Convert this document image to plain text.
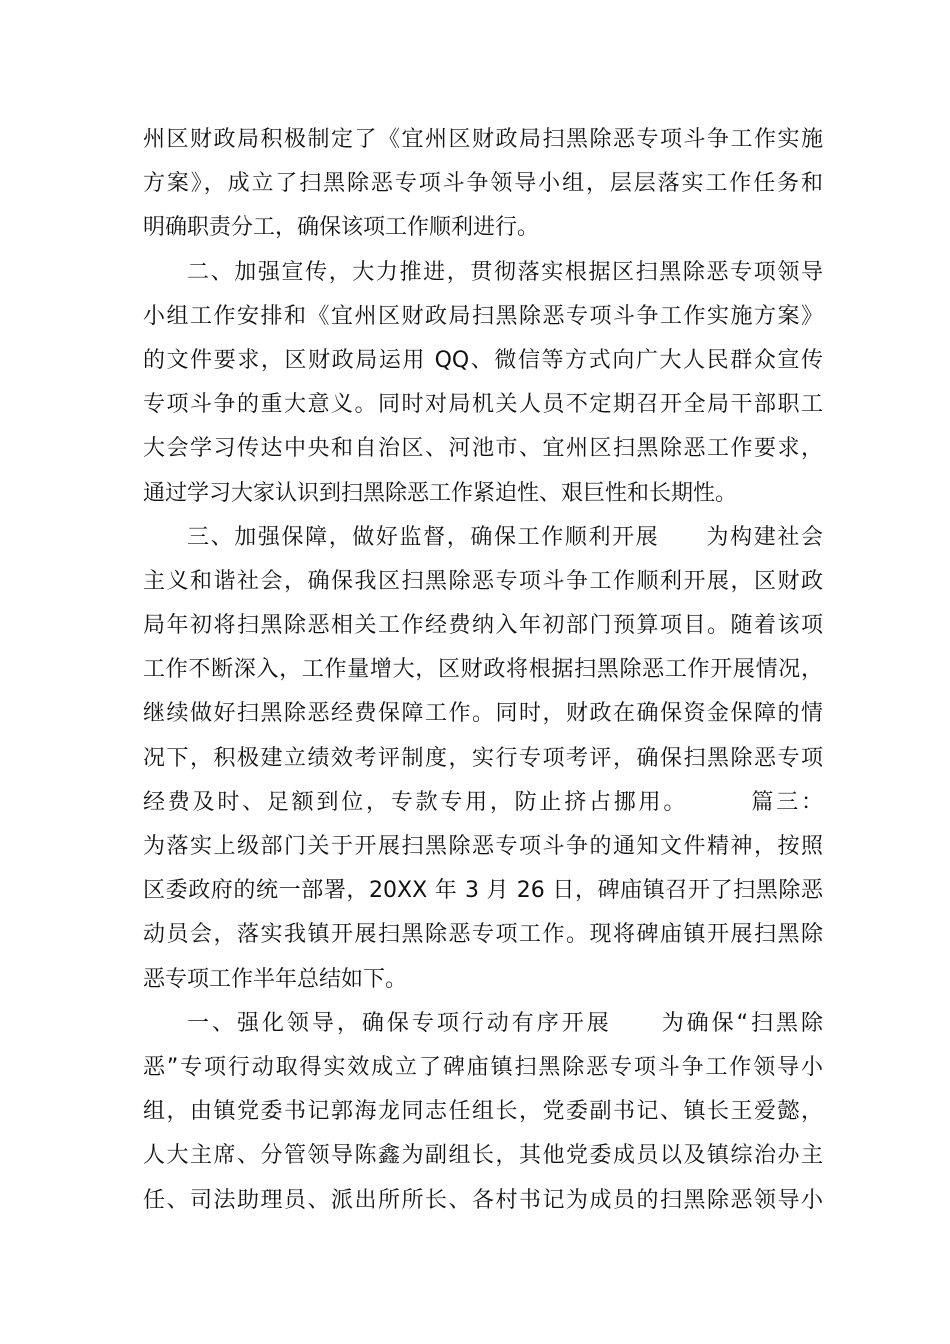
州区财政局积极制定了《宜州区财政局扫黑除恶专项斗争工作实施
方案》，成立了扫黑除恶专项斗争领导小组，层层落实工作任务和
明确职责分工，确保该项工作顺利进行。
二、加强宣传，大力推进，贯彻落实根据区扫黑除恶专项领导
小组工作安排和《宜州区财政局扫黑除恶专项斗争工作实施方案》
的文件要求，区财政局运用 QQ、微信等方式向广大人民群众宣传
专项斗争的重大意义。同时对局机关人员不定期召开全局干部职工
大会学习传达中央和自治区、河池市、宜州区扫黑除恶工作要求，
通过学习大家认识到扫黑除恶工作紧迫性、艰巨性和长期性。
三、加强保障，做好监督，确保工作顺利开展　　为构建社会
主义和谐社会，确保我区扫黑除恶专项斗争工作顺利开展，区财政
局年初将扫黑除恶相关工作经费纳入年初部门预算项目。随着该项
工作不断深入，工作量增大，区财政将根据扫黑除恶工作开展情况，
继续做好扫黑除恶经费保障工作。同时，财政在确保资金保障的情
况下，积极建立绩效考评制度，实行专项考评，确保扫黑除恶专项
经费及时、足额到位，专款专用，防止挤占挪用。　　　篇三：
为落实上级部门关于开展扫黑除恶专项斗争的通知文件精神，按照
区委政府的统一部署，20XX 年 3 月 26 日，碑庙镇召开了扫黑除恶
动员会，落实我镇开展扫黑除恶专项工作。现将碑庙镇开展扫黑除
恶专项工作半年总结如下。
一、强化领导，确保专项行动有序开展　　为确保“扫黑除
恶”专项行动取得实效成立了碑庙镇扫黑除恶专项斗争工作领导小
组，由镇党委书记郭海龙同志任组长，党委副书记、镇长王爱懿，
人大主席、分管领导陈鑫为副组长，其他党委成员以及镇综治办主
任、司法助理员、派出所所长、各村书记为成员的扫黑除恶领导小
